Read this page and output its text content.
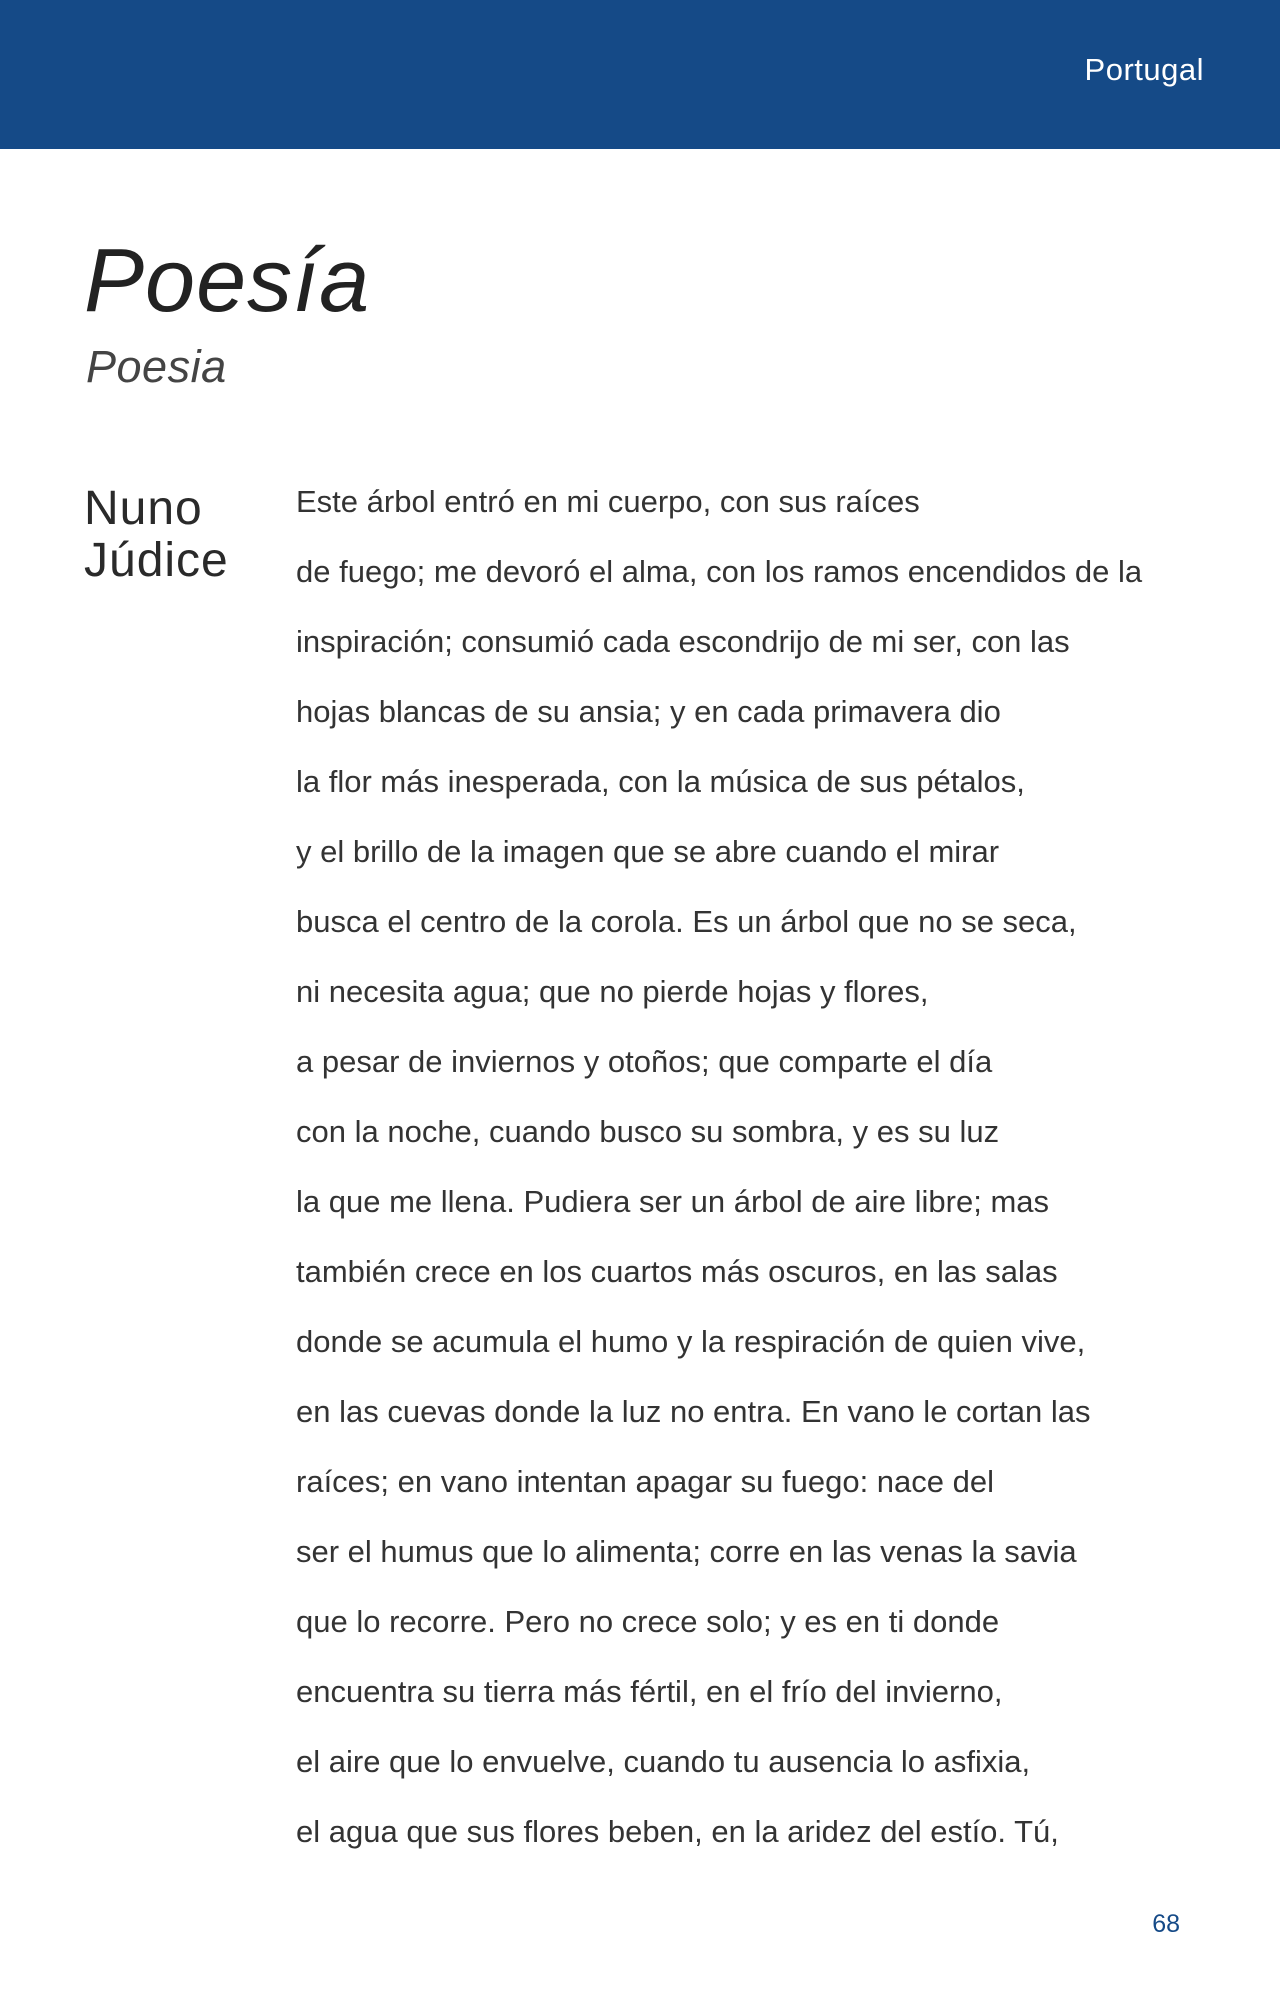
Portugal
Poesía
Poesia
Nuno
Júdice
Este árbol entró en mi cuerpo, con sus raíces
de fuego; me devoró el alma, con los ramos encendidos de la
inspiración; consumió cada escondrijo de mi ser, con las
hojas blancas de su ansia; y en cada primavera dio
la flor más inesperada, con la música de sus pétalos,
y el brillo de la imagen que se abre cuando el mirar
busca el centro de la corola. Es un árbol que no se seca,
ni necesita agua; que no pierde hojas y flores,
a pesar de inviernos y otoños; que comparte el día
con la noche, cuando busco su sombra, y es su luz
la que me llena. Pudiera ser un árbol de aire libre; mas
también crece en los cuartos más oscuros, en las salas
donde se acumula el humo y la respiración de quien vive,
en las cuevas donde la luz no entra. En vano le cortan las
raíces; en vano intentan apagar su fuego: nace del
ser el humus que lo alimenta; corre en las venas la savia
que lo recorre. Pero no crece solo; y es en ti donde
encuentra su tierra más fértil, en el frío del invierno,
el aire que lo envuelve, cuando tu ausencia lo asfixia,
el agua que sus flores beben, en la aridez del estío. Tú,
68
